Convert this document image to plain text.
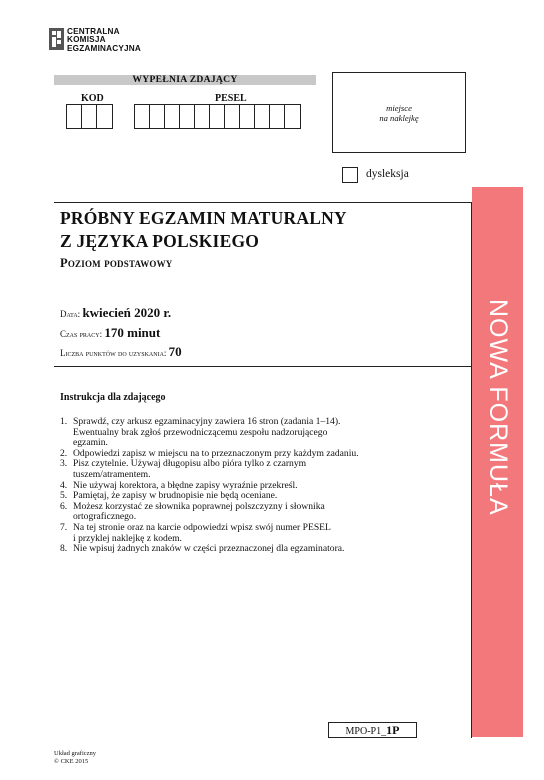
CENTRALNA
KOMISJA
EGZAMINACYJNA
WYPEŁNIA ZDAJĄCY
KOD	PESEL
miejsce
na naklejkę
dysleksja
NOWA FORMUŁA
PRÓBNY EGZAMIN MATURALNY
Z JĘZYKA POLSKIEGO
Poziom podstawowy
Data: kwiecień 2020 r.
Czas pracy: 170 minut
Liczba punktów do uzyskania: 70
Instrukcja dla zdającego
1. Sprawdź, czy arkusz egzaminacyjny zawiera 16 stron (zadania 1–14).
Ewentualny brak zgłoś przewodniczącemu zespołu nadzorującego
egzamin.
2. Odpowiedzi zapisz w miejscu na to przeznaczonym przy każdym zadaniu.
3. Pisz czytelnie. Używaj długopisu albo pióra tylko z czarnym
tuszem/atramentem.
4. Nie używaj korektora, a błędne zapisy wyraźnie przekreśl.
5. Pamiętaj, że zapisy w brudnopisie nie będą oceniane.
6. Możesz korzystać ze słownika poprawnej polszczyzny i słownika
ortograficznego.
7. Na tej stronie oraz na karcie odpowiedzi wpisz swój numer PESEL
i przyklej naklejkę z kodem.
8. Nie wpisuj żadnych znaków w części przeznaczonej dla egzaminatora.
MPO-P1_1P
Układ graficzny
© CKE 2015
